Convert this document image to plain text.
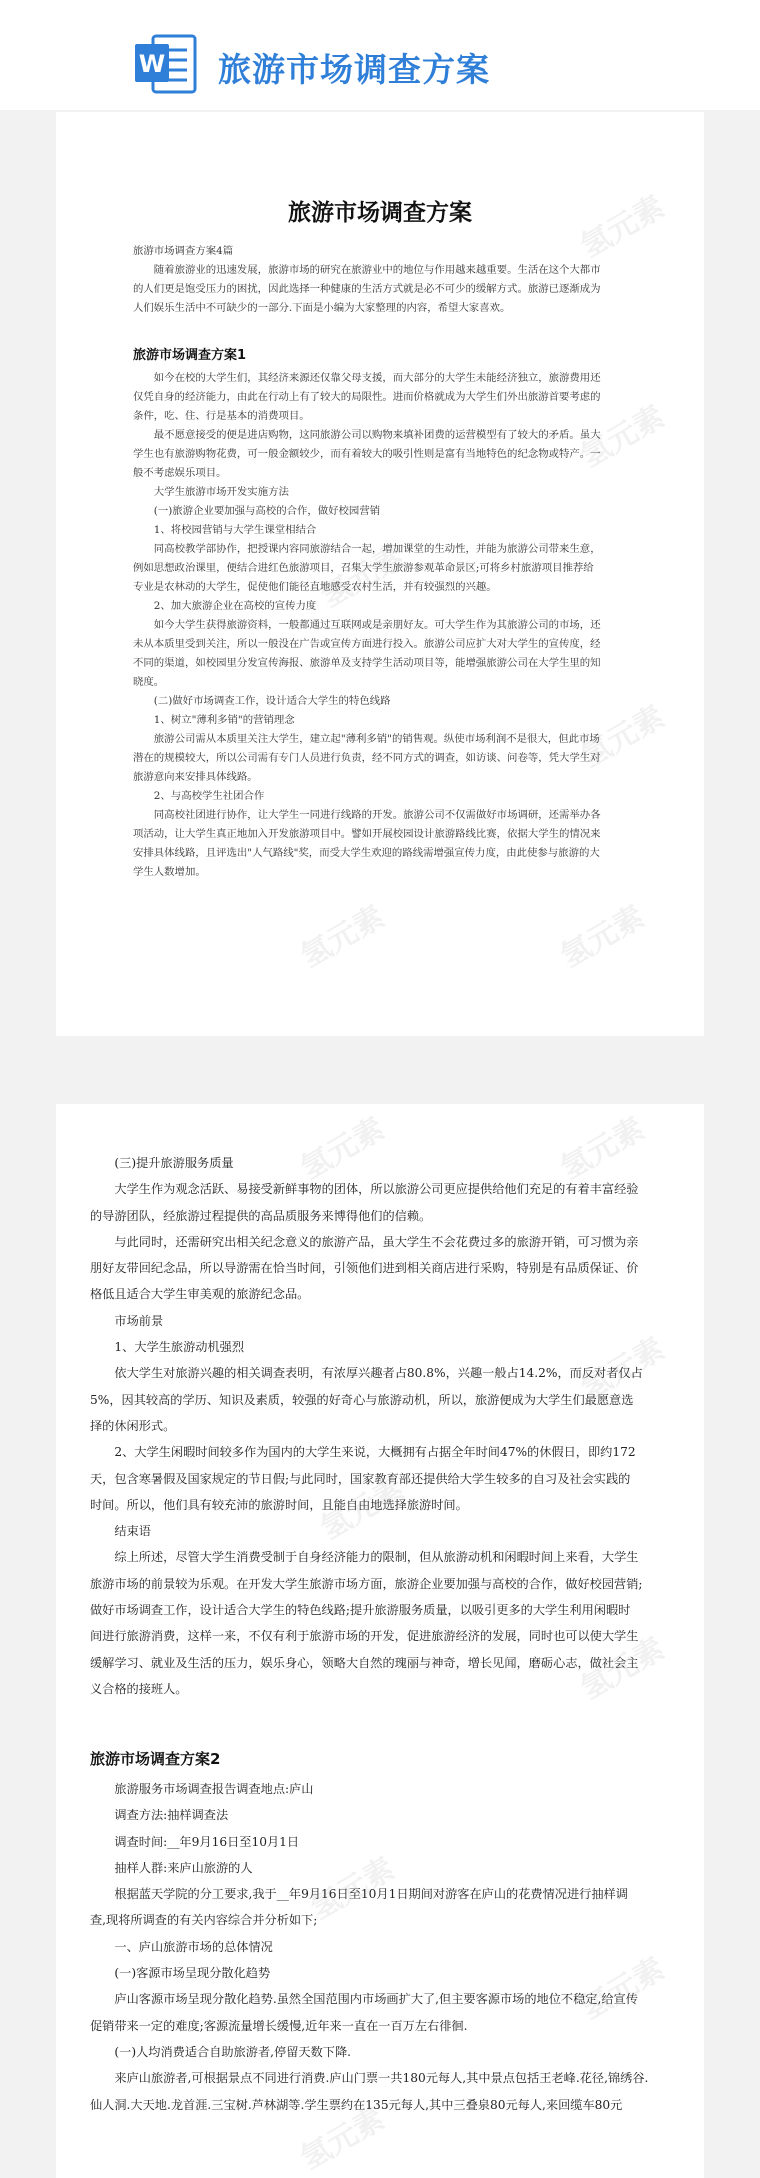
W 旅游市场调查方案
旅游市场调查方案

旅游市场调查方案4篇

随着旅游业的迅速发展，旅游市场的研究在旅游业中的地位与作用越来越重要。生活在这个大都市

的人们更是饱受压力的困扰，因此选择一种健康的生活方式就是必不可少的缓解方式。旅游已逐渐成为

人们娱乐生活中不可缺少的一部分.下面是小编为大家整理的内容，希望大家喜欢。

旅游市场调查方案1

如今在校的大学生们，其经济来源还仅靠父母支援，而大部分的大学生未能经济独立，旅游费用还

仅凭自身的经济能力，由此在行动上有了较大的局限性。进而价格就成为大学生们外出旅游首要考虑的

条件，吃、住、行是基本的消费项目。

最不愿意接受的便是进店购物，这同旅游公司以购物来填补团费的运营模型有了较大的矛盾。虽大

学生也有旅游购物花费，可一般金额较少，而有着较大的吸引性则是富有当地特色的纪念物或特产。一

般不考虑娱乐项目。

大学生旅游市场开发实施方法

(一)旅游企业要加强与高校的合作，做好校园营销

1、将校园营销与大学生课堂相结合

同高校教学部协作，把授课内容同旅游结合一起，增加课堂的生动性，并能为旅游公司带来生意，

例如思想政治课里，便结合进红色旅游项目，召集大学生旅游参观革命景区;可将乡村旅游项目推荐给

专业是农林动的大学生，促使他们能径直地感受农村生活，并有较强烈的兴趣。

2、加大旅游企业在高校的宣传力度

如今大学生获得旅游资料，一般都通过互联网或是亲朋好友。可大学生作为其旅游公司的市场，还

未从本质里受到关注，所以一般没在广告或宣传方面进行投入。旅游公司应扩大对大学生的宣传度，经

不同的渠道，如校园里分发宣传海报、旅游单及支持学生活动项目等，能增强旅游公司在大学生里的知

晓度。

(二)做好市场调查工作，设计适合大学生的特色线路

1、树立"薄利多销"的营销理念

旅游公司需从本质里关注大学生，建立起"薄利多销"的销售观。纵使市场利润不是很大，但此市场

潜在的规模较大，所以公司需有专门人员进行负责，经不同方式的调查，如访谈、问卷等，凭大学生对

旅游意向来安排具体线路。

2、与高校学生社团合作

同高校社团进行协作，让大学生一同进行线路的开发。旅游公司不仅需做好市场调研，还需举办各

项活动，让大学生真正地加入开发旅游项目中。譬如开展校园设计旅游路线比赛，依据大学生的情况来

安排具体线路，且评选出"人气路线"奖，而受大学生欢迎的路线需增强宣传力度，由此使参与旅游的大

学生人数增加。

氢元素
氢元素
氢元素
氢元素
氢元素	氢元素

(三)提升旅游服务质量

大学生作为观念活跃、易接受新鲜事物的团体，所以旅游公司更应提供给他们充足的有着丰富经验

的导游团队，经旅游过程提供的高品质服务来博得他们的信赖。

与此同时，还需研究出相关纪念意义的旅游产品，虽大学生不会花费过多的旅游开销，可习惯为亲

朋好友带回纪念品，所以导游需在恰当时间，引领他们进到相关商店进行采购，特别是有品质保证、价

格低且适合大学生审美观的旅游纪念品。

市场前景

1、大学生旅游动机强烈

依大学生对旅游兴趣的相关调查表明，有浓厚兴趣者占80.8%，兴趣一般占14.2%，而反对者仅占

5%，因其较高的学历、知识及素质，较强的好奇心与旅游动机，所以，旅游便成为大学生们最愿意选

择的休闲形式。

2、大学生闲暇时间较多作为国内的大学生来说，大概拥有占据全年时间47%的休假日，即约172

天，包含寒暑假及国家规定的节日假;与此同时，国家教育部还提供给大学生较多的自习及社会实践的

时间。所以，他们具有较充沛的旅游时间，且能自由地选择旅游时间。

结束语

综上所述，尽管大学生消费受制于自身经济能力的限制，但从旅游动机和闲暇时间上来看，大学生

旅游市场的前景较为乐观。在开发大学生旅游市场方面，旅游企业要加强与高校的合作，做好校园营销;

做好市场调查工作，设计适合大学生的特色线路;提升旅游服务质量，以吸引更多的大学生利用闲暇时

间进行旅游消费，这样一来，不仅有利于旅游市场的开发，促进旅游经济的发展，同时也可以使大学生

缓解学习、就业及生活的压力，娱乐身心，领略大自然的瑰丽与神奇，增长见闻，磨砺心志，做社会主

义合格的接班人。

旅游市场调查方案2

旅游服务市场调查报告调查地点:庐山

调查方法:抽样调查法

调查时间:__年9月16日至10月1日

抽样人群:来庐山旅游的人

根据蓝天学院的分工要求,我于__年9月16日至10月1日期间对游客在庐山的花费情况进行抽样调

查,现将所调查的有关内容综合并分析如下;

一、庐山旅游市场的总体情况

(一)客源市场呈现分散化趋势

庐山客源市场呈现分散化趋势.虽然全国范围内市场画扩大了,但主要客源市场的地位不稳定,给宣传

促销带来一定的难度;客源流量增长缓慢,近年来一直在一百万左右徘徊.

(一)人均消费适合自助旅游者,停留天数下降.

来庐山旅游者,可根据景点不同进行消费.庐山门票一共180元每人,其中景点包括王老峰.花径,锦绣谷.

仙人洞.大天地.龙首涯.三宝树.芦林湖等.学生票约在135元每人,其中三叠泉80元每人,来回缆车80元

氢元素	氢元素
氢元素
氢元素
氢元素
氢元素
氢元素
氢元素
